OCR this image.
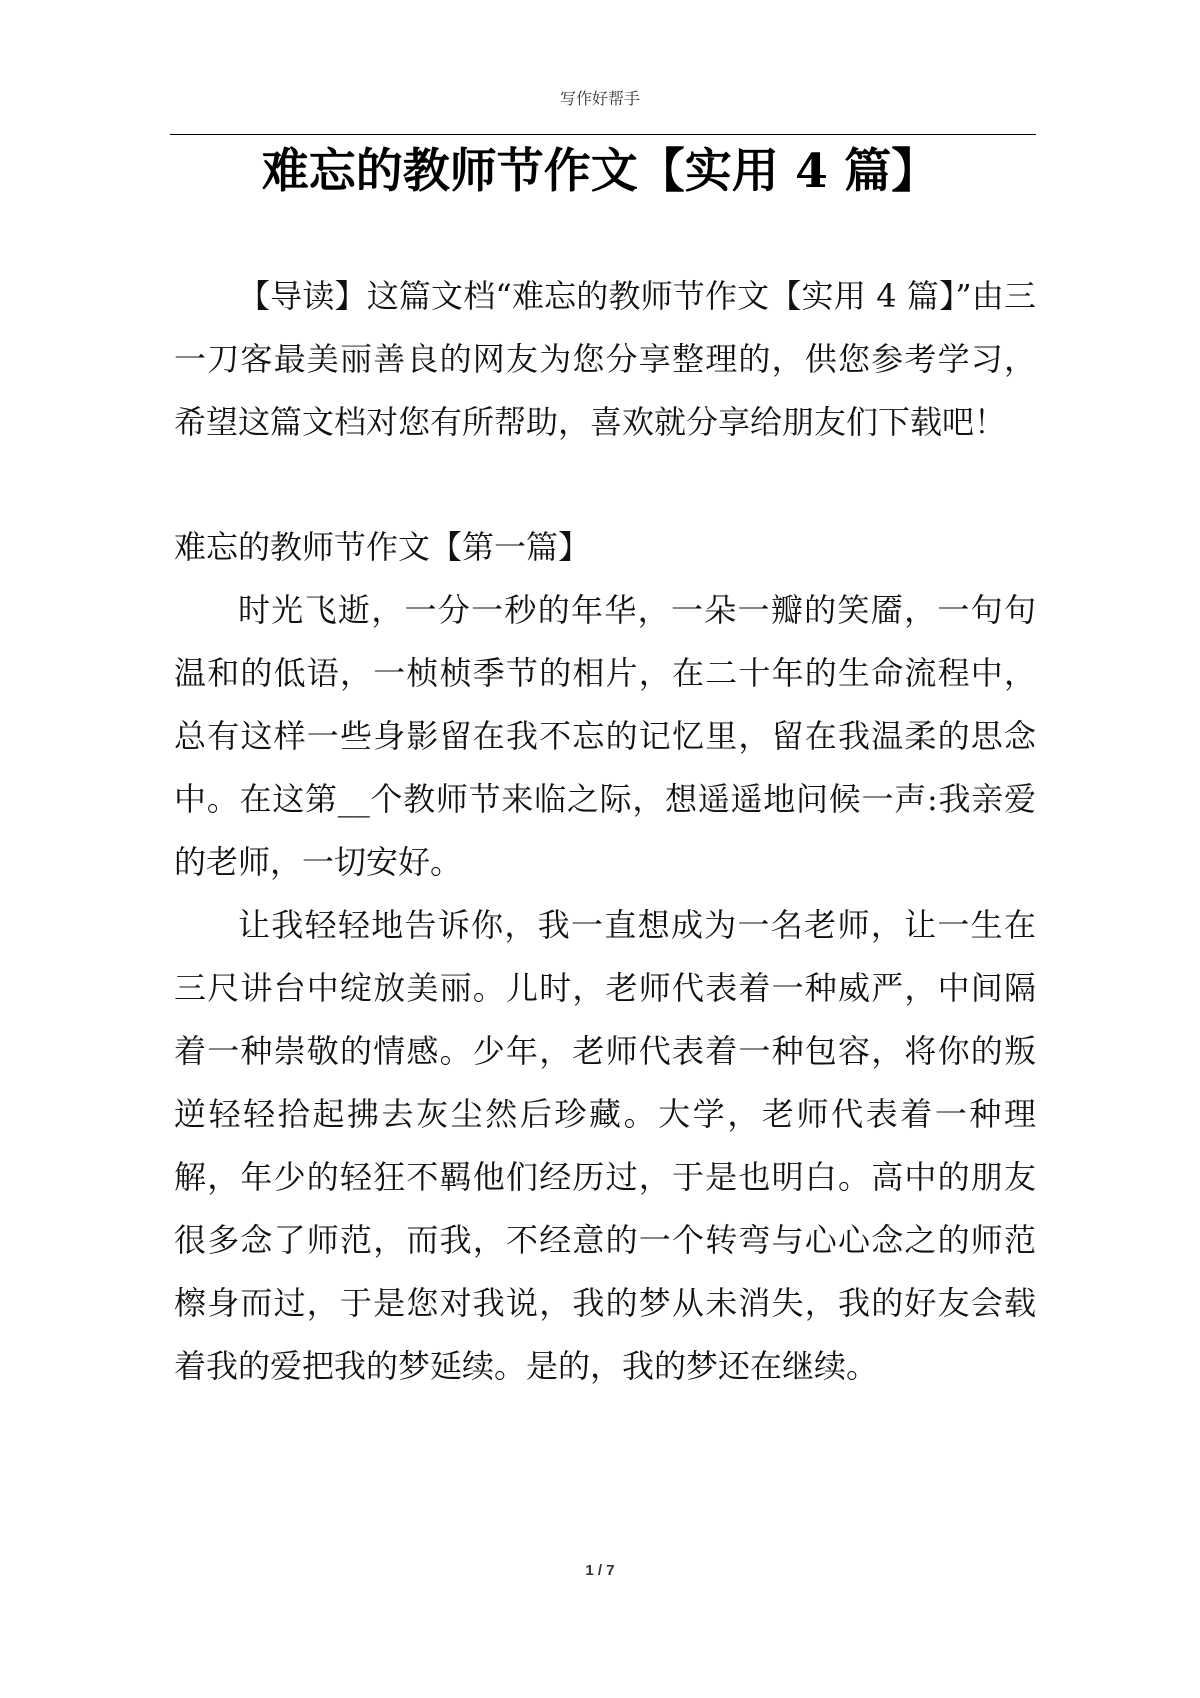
写作好帮手
难忘的教师节作文【实用 4 篇】

【导读】这篇文档“难忘的教师节作文【实用 4 篇】”由三一刀客最美丽善良的网友为您分享整理的，供您参考学习，希望这篇文档对您有所帮助，喜欢就分享给朋友们下载吧！

难忘的教师节作文【第一篇】

时光飞逝，一分一秒的年华，一朵一瓣的笑靥，一句句温和的低语，一桢桢季节的相片，在二十年的生命流程中，总有这样一些身影留在我不忘的记忆里，留在我温柔的思念中。在这第__个教师节来临之际，想遥遥地问候一声:我亲爱的老师，一切安好。

让我轻轻地告诉你，我一直想成为一名老师，让一生在三尺讲台中绽放美丽。儿时，老师代表着一种威严，中间隔着一种崇敬的情感。少年，老师代表着一种包容，将你的叛逆轻轻拾起拂去灰尘然后珍藏。大学，老师代表着一种理解，年少的轻狂不羁他们经历过，于是也明白。高中的朋友很多念了师范，而我，不经意的一个转弯与心心念之的师范檫身而过，于是您对我说，我的梦从未消失，我的好友会载着我的爱把我的梦延续。是的，我的梦还在继续。

1 / 7
